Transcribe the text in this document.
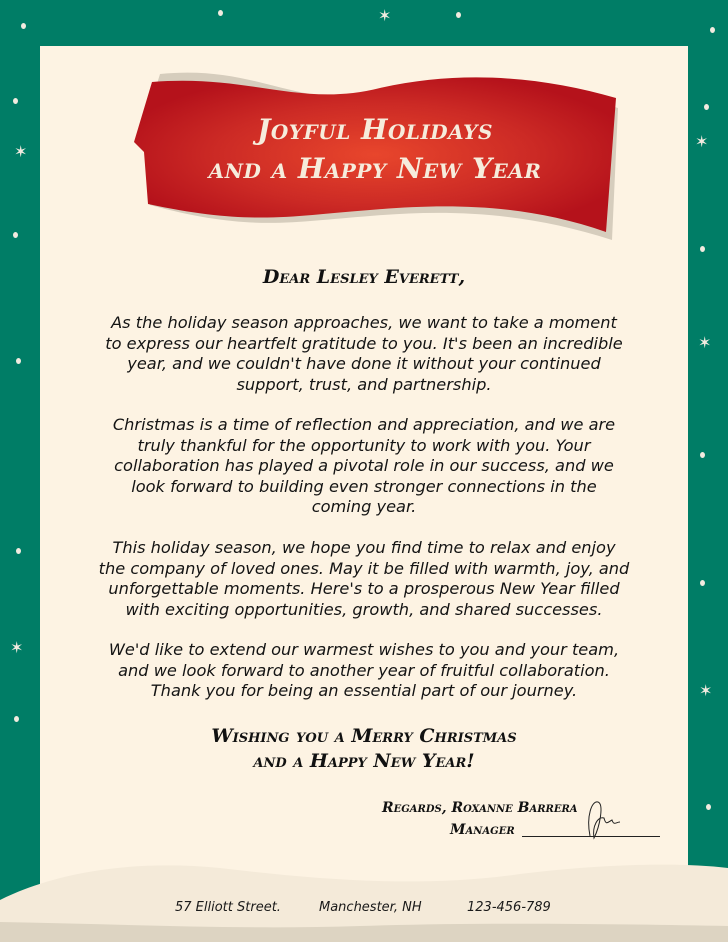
✶
✶
✶
✶
✶
✶
Joyful Holidays
and a Happy New Year
Dear Lesley Everett,
As the holiday season approaches, we want to take a moment
to express our heartfelt gratitude to you. It's been an incredible
year, and we couldn't have done it without your continued
support, trust, and partnership.
Christmas is a time of reflection and appreciation, and we are
truly thankful for the opportunity to work with you. Your
collaboration has played a pivotal role in our success, and we
look forward to building even stronger connections in the
coming year.
This holiday season, we hope you find time to relax and enjoy
the company of loved ones. May it be filled with warmth, joy, and
unforgettable moments. Here's to a prosperous New Year filled
with exciting opportunities, growth, and shared successes.
We'd like to extend our warmest wishes to you and your team,
and we look forward to another year of fruitful collaboration.
Thank you for being an essential part of our journey.
Wishing you a Merry Christmas
and a Happy New Year!
Regards, Roxanne Barrera
Manager
57 Elliott Street.	Manchester, NH	123-456-789
